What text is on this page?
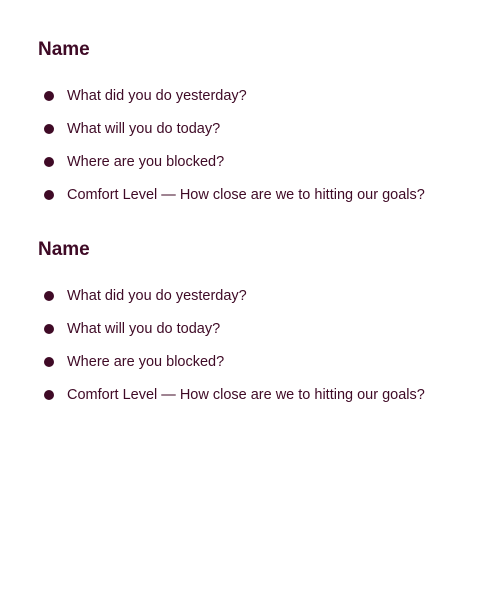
Name
What did you do yesterday?
What will you do today?
Where are you blocked?
Comfort Level — How close are we to hitting our goals?
Name
What did you do yesterday?
What will you do today?
Where are you blocked?
Comfort Level — How close are we to hitting our goals?
